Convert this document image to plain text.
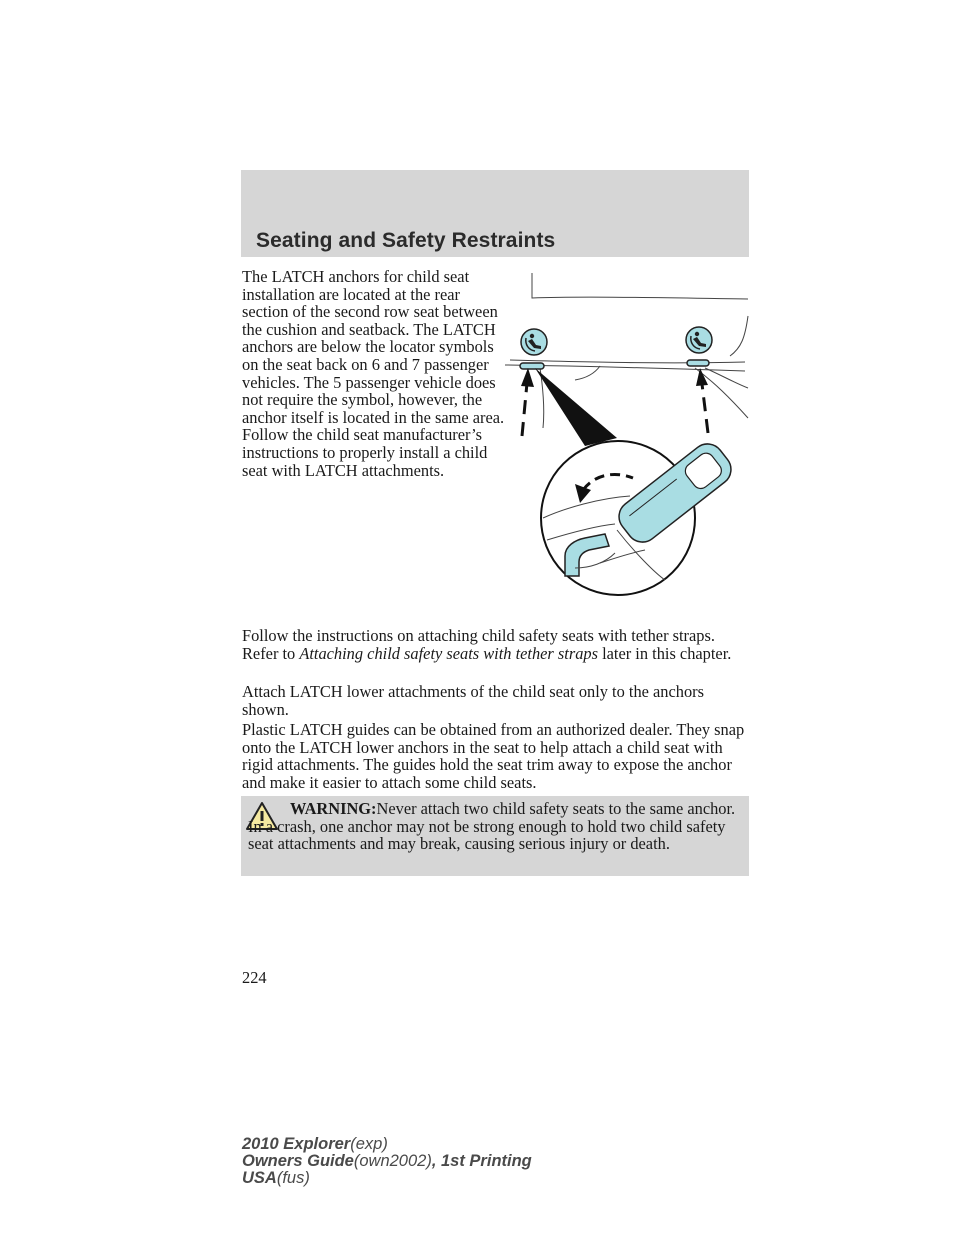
Seating and Safety Restraints

The LATCH anchors for child seat installation are located at the rear section of the second row seat between the cushion and seatback. The LATCH anchors are below the locator symbols on the seat back on 6 and 7 passenger vehicles. The 5 passenger vehicle does not require the symbol, however, the anchor itself is located in the same area. Follow the child seat manufacturer’s instructions to properly install a child seat with LATCH attachments.

Follow the instructions on attaching child safety seats with tether straps. Refer to Attaching child safety seats with tether straps later in this chapter.

Attach LATCH lower attachments of the child seat only to the anchors shown.

Plastic LATCH guides can be obtained from an authorized dealer. They snap onto the LATCH lower anchors in the seat to help attach a child seat with rigid attachments. The guides hold the seat trim away to expose the anchor and make it easier to attach some child seats.

WARNING:Never attach two child safety seats to the same anchor. In a crash, one anchor may not be strong enough to hold two child safety seat attachments and may break, causing serious injury or death.

224
2010 Explorer(exp)
Owners Guide(own2002), 1st Printing
USA(fus)
